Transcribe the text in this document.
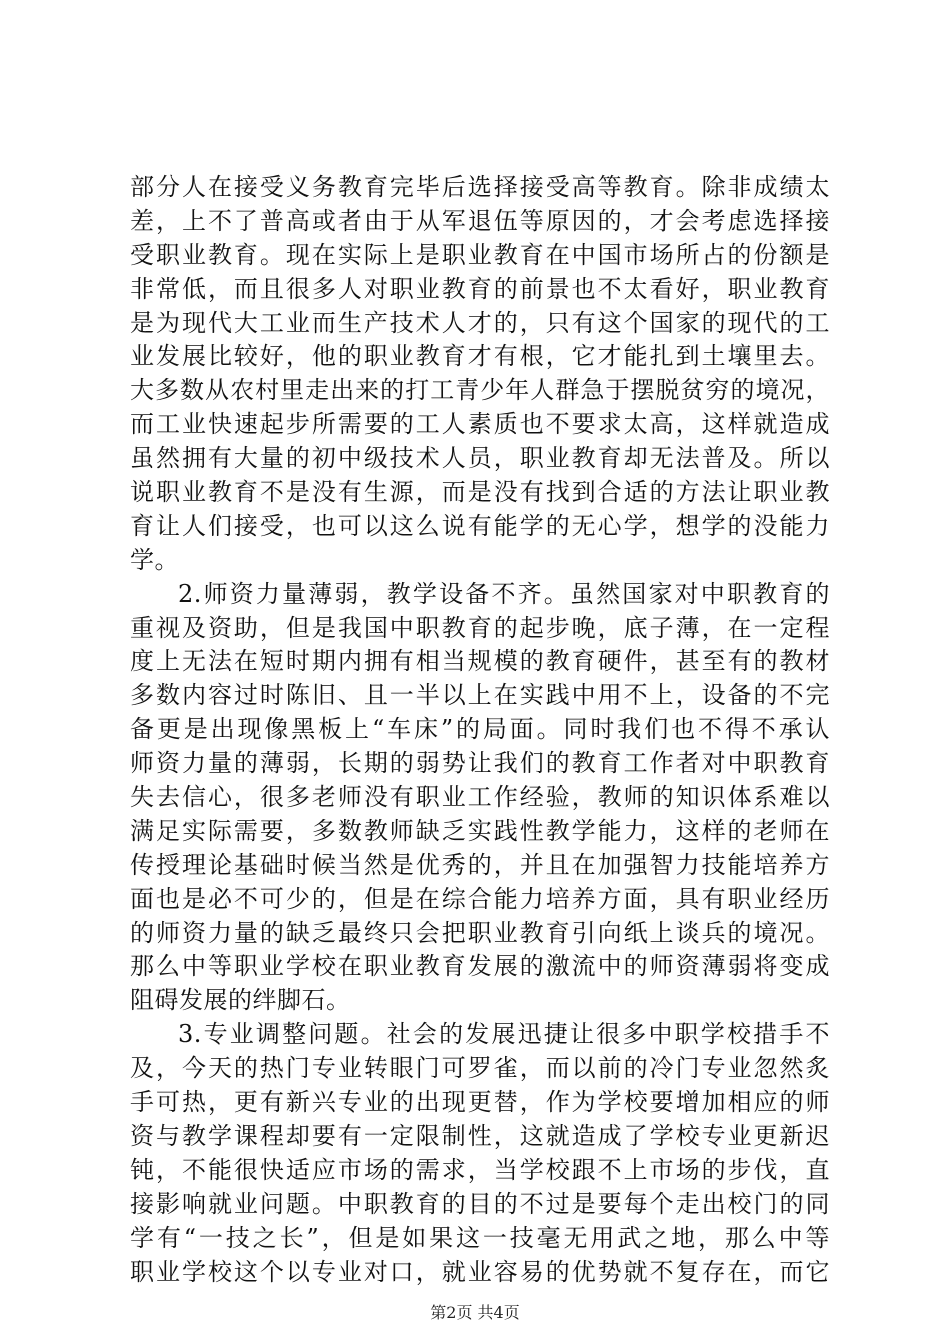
部分人在接受义务教育完毕后选择接受高等教育。除非成绩太
差，上不了普高或者由于从军退伍等原因的，才会考虑选择接
受职业教育。现在实际上是职业教育在中国市场所占的份额是
非常低，而且很多人对职业教育的前景也不太看好，职业教育
是为现代大工业而生产技术人才的，只有这个国家的现代的工
业发展比较好，他的职业教育才有根，它才能扎到土壤里去。
大多数从农村里走出来的打工青少年人群急于摆脱贫穷的境况，
而工业快速起步所需要的工人素质也不要求太高，这样就造成
虽然拥有大量的初中级技术人员，职业教育却无法普及。所以
说职业教育不是没有生源，而是没有找到合适的方法让职业教
育让人们接受，也可以这么说有能学的无心学，想学的没能力
学。
2.师资力量薄弱，教学设备不齐。虽然国家对中职教育的
重视及资助，但是我国中职教育的起步晚，底子薄，在一定程
度上无法在短时期内拥有相当规模的教育硬件，甚至有的教材
多数内容过时陈旧、且一半以上在实践中用不上，设备的不完
备更是出现像黑板上“车床”的局面。同时我们也不得不承认
师资力量的薄弱，长期的弱势让我们的教育工作者对中职教育
失去信心，很多老师没有职业工作经验，教师的知识体系难以
满足实际需要，多数教师缺乏实践性教学能力，这样的老师在
传授理论基础时候当然是优秀的，并且在加强智力技能培养方
面也是必不可少的，但是在综合能力培养方面，具有职业经历
的师资力量的缺乏最终只会把职业教育引向纸上谈兵的境况。
那么中等职业学校在职业教育发展的激流中的师资薄弱将变成
阻碍发展的绊脚石。
3.专业调整问题。社会的发展迅捷让很多中职学校措手不
及，今天的热门专业转眼门可罗雀，而以前的冷门专业忽然炙
手可热，更有新兴专业的出现更替，作为学校要增加相应的师
资与教学课程却要有一定限制性，这就造成了学校专业更新迟
钝，不能很快适应市场的需求，当学校跟不上市场的步伐，直
接影响就业问题。中职教育的目的不过是要每个走出校门的同
学有“一技之长”，但是如果这一技毫无用武之地，那么中等
职业学校这个以专业对口，就业容易的优势就不复存在，而它
第2页 共4页
